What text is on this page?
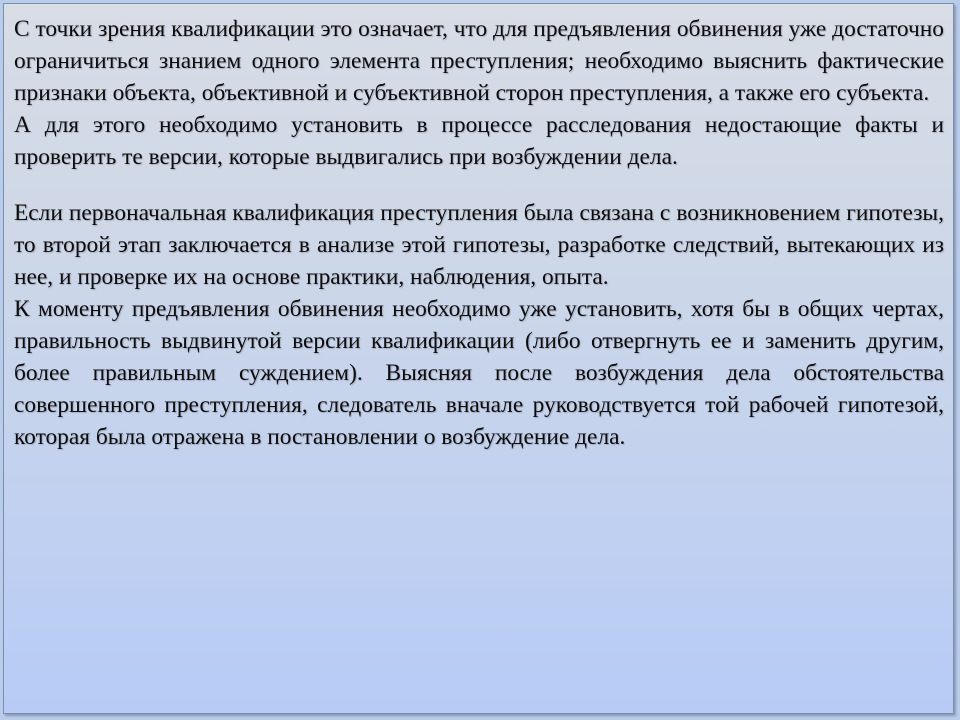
С точки зрения квалификации это означает, что для предъявления обвинения уже достаточно ограничиться знанием одного элемента преступления; необходимо выяснить фактические признаки объекта, объективной и субъективной сторон преступления, а также его субъекта.

А для этого необходимо установить в процессе расследования недостающие факты и проверить те версии, которые выдвигались при возбуждении дела.

Если первоначальная квалификация преступления была связана с возникновением гипотезы, то второй этап заключается в анализе этой гипотезы, разработке следствий, вытекающих из нее, и проверке их на основе практики, наблюдения, опыта.

К моменту предъявления обвинения необходимо уже установить, хотя бы в общих чертах, правильность выдвинутой версии квалификации (либо отвергнуть ее и заменить другим, более правильным суждением). Выясняя после возбуждения дела обстоятельства совершенного преступления, следователь вначале руководствуется той рабочей гипотезой, которая была отражена в постановлении о возбуждение дела.
